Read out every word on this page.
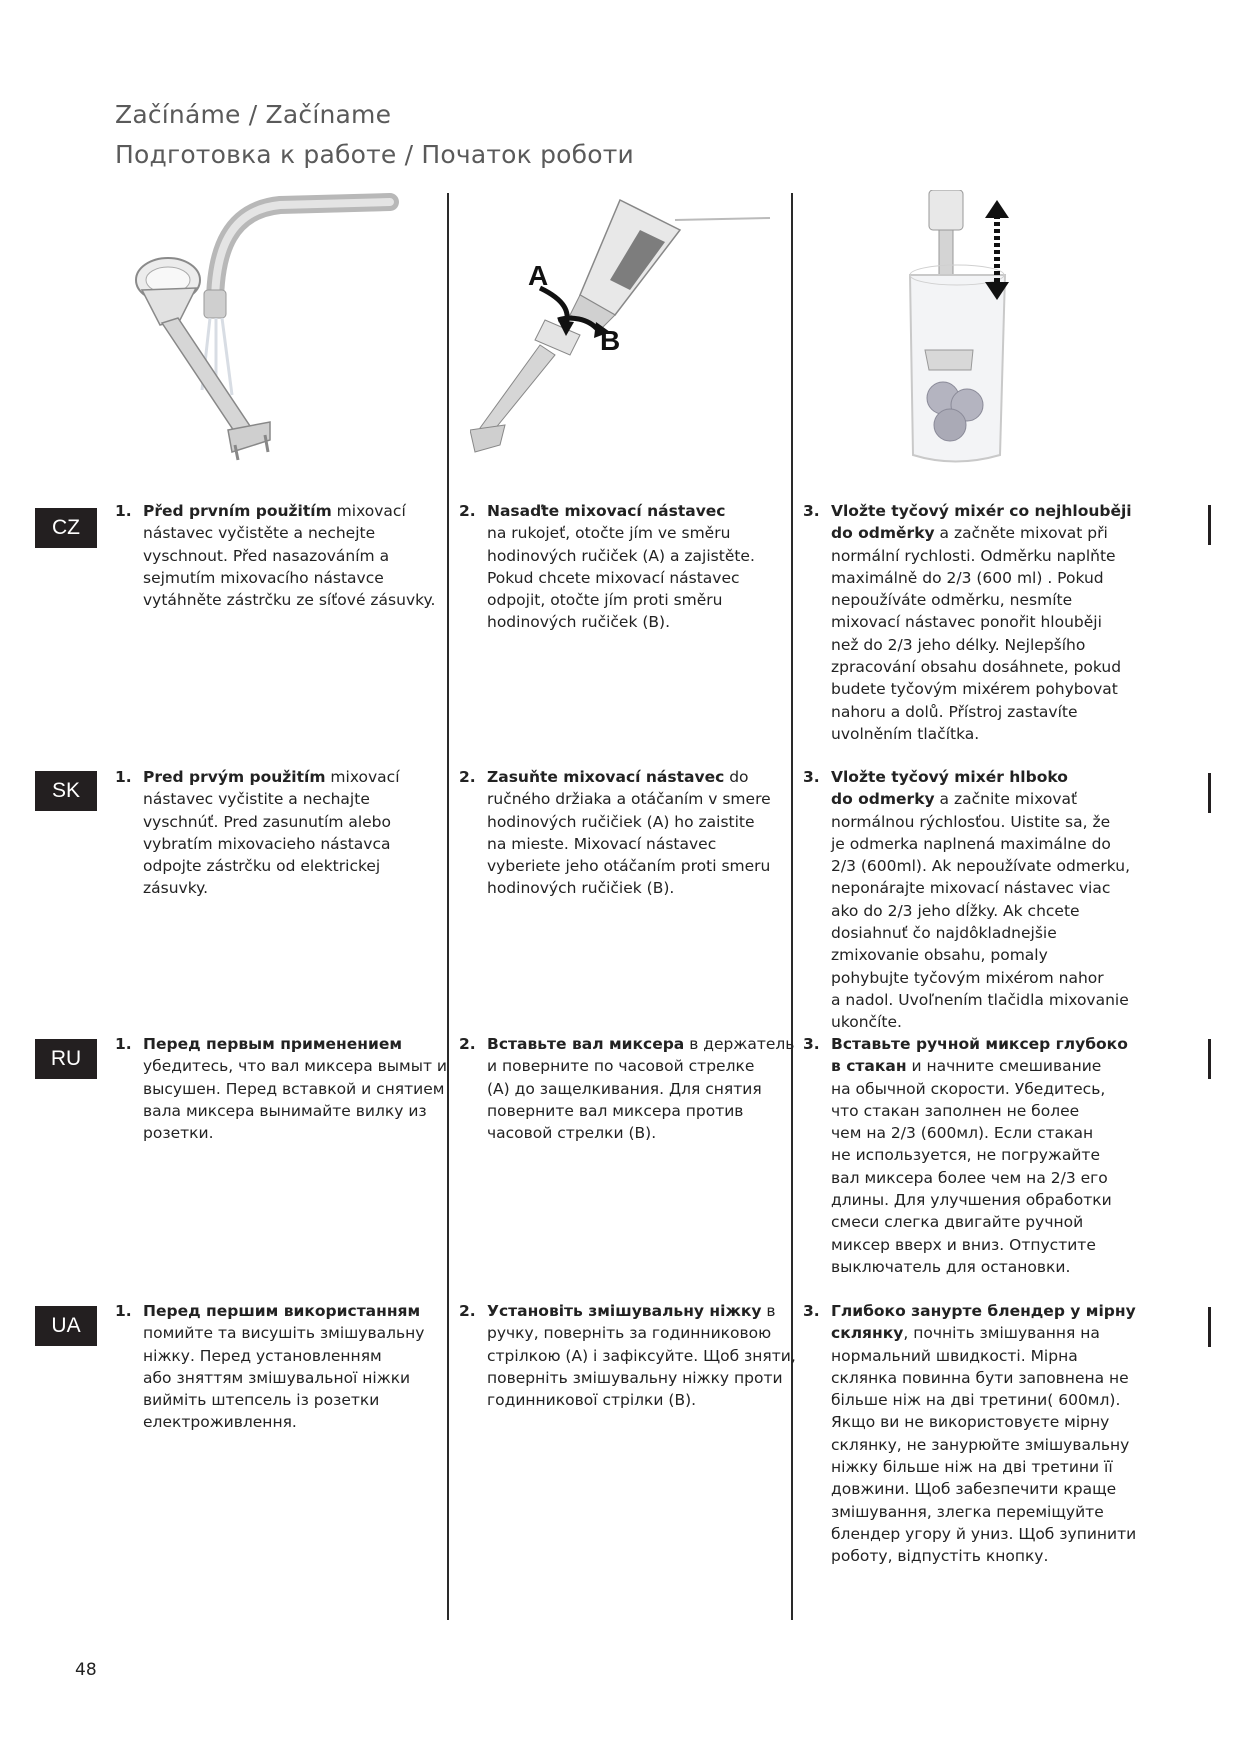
Začínáme / Začíname
Подготовка к работе / Початок роботи
A
B
CZ
SK
RU
UA
1. Před prvním použitím mixovací
nástavec vyčistěte a nechejte
vyschnout. Před nasazováním a
sejmutím mixovacího nástavce
vytáhněte zástrčku ze síťové zásuvky.
2. Nasaďte mixovací nástavec
na rukojeť, otočte jím ve směru
hodinových ručiček (A) a zajistěte.
Pokud chcete mixovací nástavec
odpojit, otočte jím proti směru
hodinových ručiček (B).
3. Vložte tyčový mixér co nejhlouběji
do odměrky a začněte mixovat při
normální rychlosti. Odměrku naplňte
maximálně do 2/3 (600 ml) . Pokud
nepoužíváte odměrku, nesmíte
mixovací nástavec ponořit hlouběji
než do 2/3 jeho délky. Nejlepšího
zpracování obsahu dosáhnete, pokud
budete tyčovým mixérem pohybovat
nahoru a dolů. Přístroj zastavíte
uvolněním tlačítka.
1. Pred prvým použitím mixovací
nástavec vyčistite a nechajte
vyschnúť. Pred zasunutím alebo
vybratím mixovacieho nástavca
odpojte zástrčku od elektrickej
zásuvky.
2. Zasuňte mixovací nástavec do
ručného držiaka a otáčaním v smere
hodinových ručičiek (A) ho zaistite
na mieste. Mixovací nástavec
vyberiete jeho otáčaním proti smeru
hodinových ručičiek (B).
3. Vložte tyčový mixér hlboko
do odmerky a začnite mixovať
normálnou rýchlosťou. Uistite sa, že
je odmerka naplnená maximálne do
2/3 (600ml). Ak nepoužívate odmerku,
neponárajte mixovací nástavec viac
ako do 2/3 jeho dĺžky. Ak chcete
dosiahnuť čo najdôkladnejšie
zmixovanie obsahu, pomaly
pohybujte tyčovým mixérom nahor
a nadol. Uvoľnením tlačidla mixovanie
ukončíte.
1. Перед первым применением
убедитесь, что вал миксера вымыт и
высушен. Перед вставкой и снятием
вала миксера вынимайте вилку из
розетки.
2. Вставьте вал миксера в держатель
и поверните по часовой стрелке
(А) до защелкивания. Для снятия
поверните вал миксера против
часовой стрелки (В).
3. Вставьте ручной миксер глубоко
в стакан и начните смешивание
на обычной скорости. Убедитесь,
что стакан заполнен не более
чем на 2/3 (600мл). Если стакан
не используется, не погружайте
вал миксера более чем на 2/3 его
длины. Для улучшения обработки
смеси слегка двигайте ручной
миксер вверх и вниз. Отпустите
выключатель для остановки.
1. Перед першим використанням
помийте та висушіть змішувальну
ніжку. Перед установленням
або зняттям змішувальної ніжки
вийміть штепсель із розетки
електроживлення.
2. Установіть змішувальну ніжку в
ручку, поверніть за годинниковою
стрілкою (А) і зафіксуйте. Щоб зняти,
поверніть змішувальну ніжку проти
годинникової стрілки (В).
3. Глибоко занурте блендер у мірну
склянку, почніть змішування на
нормальний швидкості. Мірна
склянка повинна бути заповнена не
більше ніж на дві третини( 600мл).
Якщо ви не використовуєте мірну
склянку, не занурюйте змішувальну
ніжку більше ніж на дві третини її
довжини. Щоб забезпечити краще
змішування, злегка переміщуйте
блендер угору й униз. Щоб зупинити
роботу, відпустіть кнопку.
48
